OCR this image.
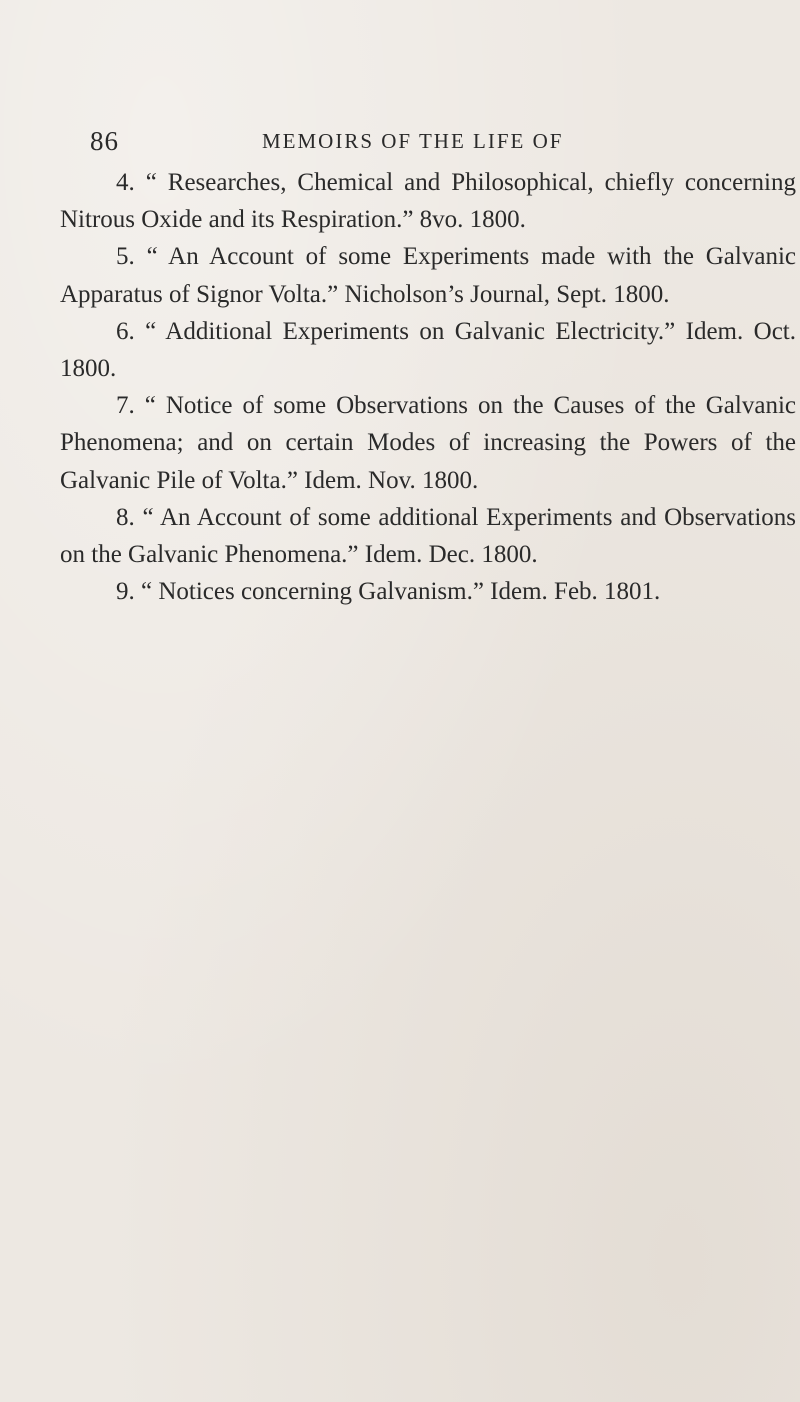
86	MEMOIRS OF THE LIFE OF

4. “ Researches, Chemical and Philosophical, chiefly concerning Nitrous Oxide and its Respiration.” 8vo. 1800.

5. “ An Account of some Experiments made with the Galvanic Apparatus of Signor Volta.” Nicholson’s Journal, Sept. 1800.

6. “ Additional Experiments on Galvanic Electricity.” Idem. Oct. 1800.

7. “ Notice of some Observations on the Causes of the Galvanic Phenomena; and on certain Modes of increasing the Powers of the Galvanic Pile of Volta.” Idem. Nov. 1800.

8. “ An Account of some additional Experiments and Observations on the Galvanic Phenomena.” Idem. Dec. 1800.

9. “ Notices concerning Galvanism.” Idem. Feb. 1801.
